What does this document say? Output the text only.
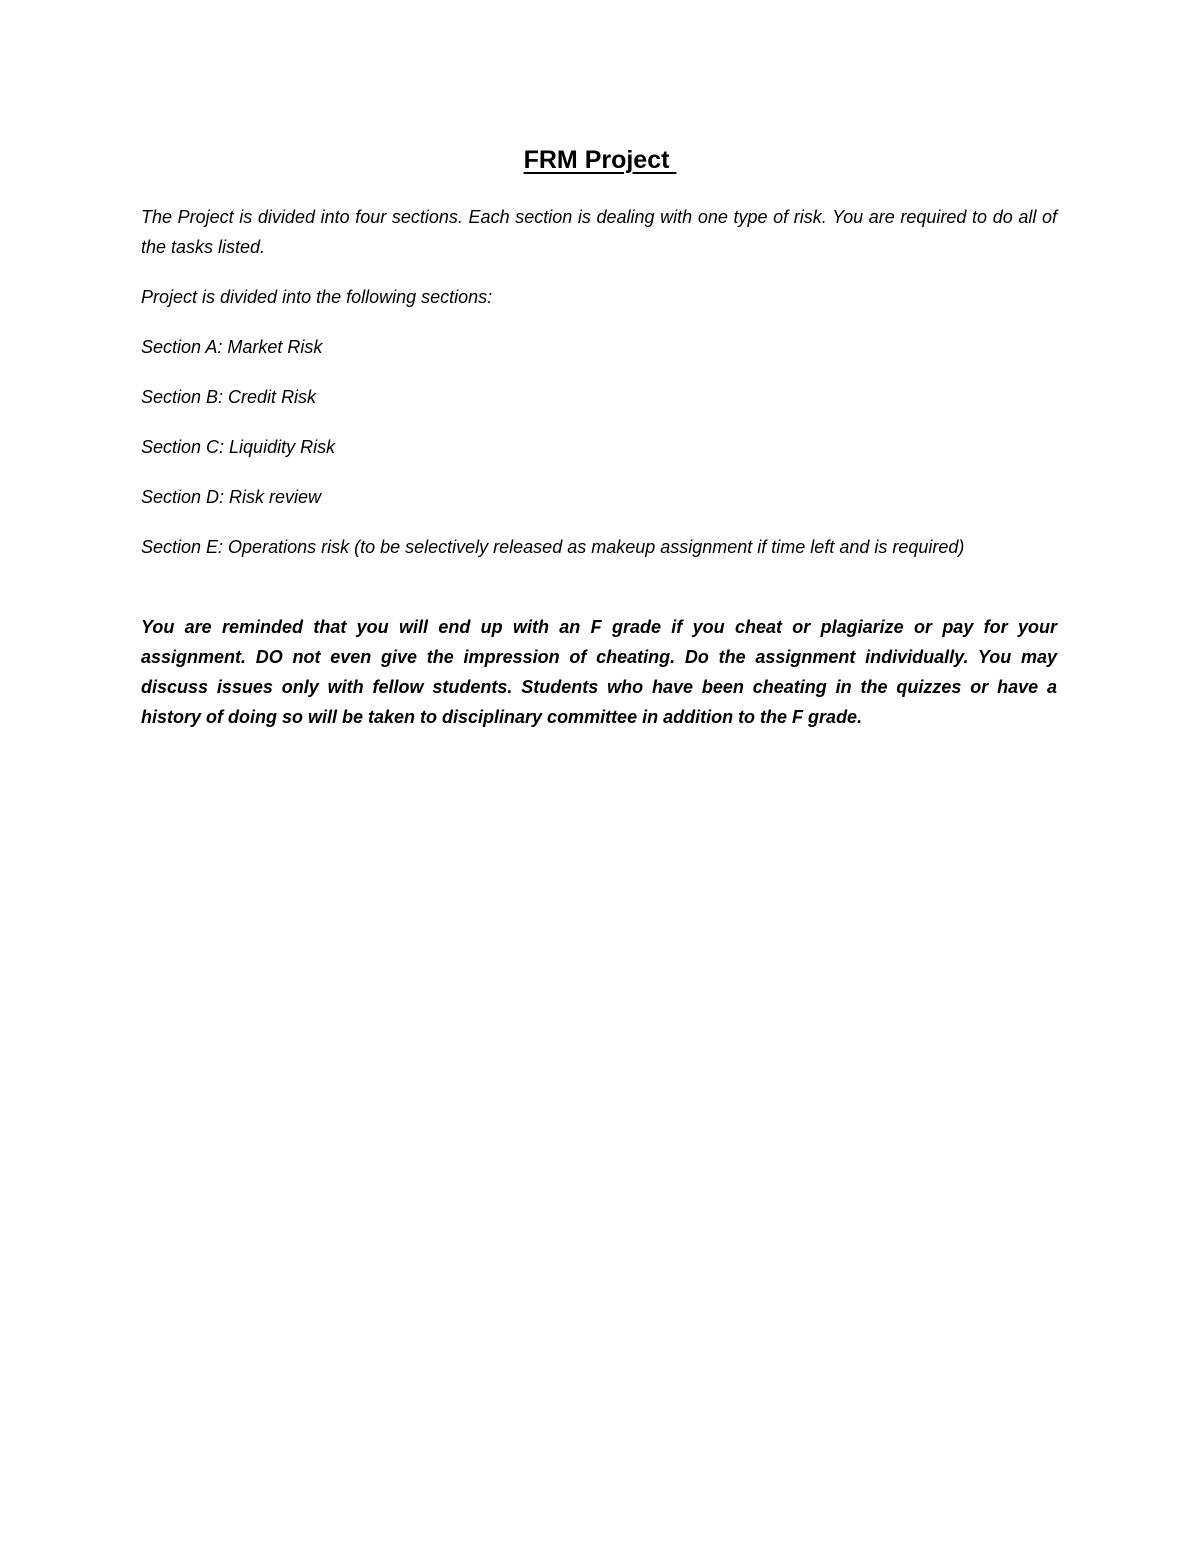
FRM Project

The Project is divided into four sections. Each section is dealing with one type of risk. You are required to do all of the tasks listed.

Project is divided into the following sections:

Section A: Market Risk

Section B: Credit Risk

Section C: Liquidity Risk

Section D: Risk review

Section E: Operations risk (to be selectively released as makeup assignment if time left and is required)

You are reminded that you will end up with an F grade if you cheat or plagiarize or pay for your assignment. DO not even give the impression of cheating. Do the assignment individually. You may discuss issues only with fellow students. Students who have been cheating in the quizzes or have a history of doing so will be taken to disciplinary committee in addition to the F grade.
